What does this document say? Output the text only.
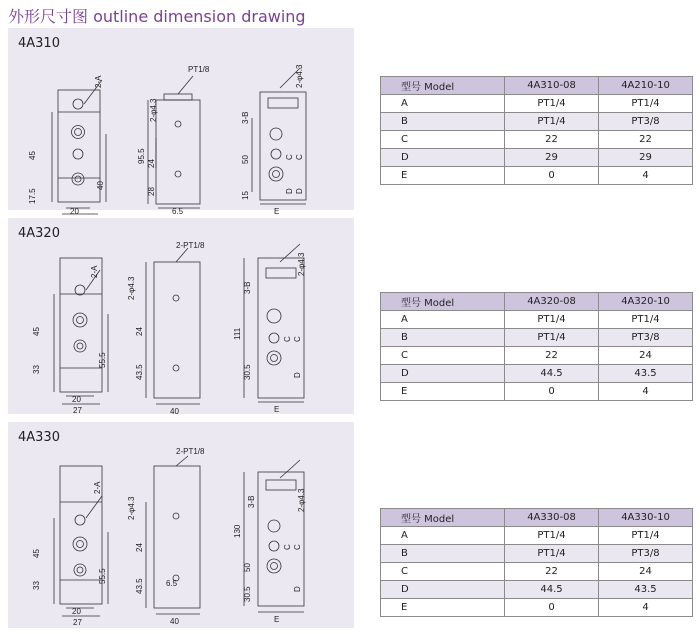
外形尺寸图 outline dimension drawing
4A310
45
17.5
40
20
2-A
PT1/8
2-φ4.3
95.5 24
28
6.5
2-φ4.3
3-B
50
15
C C
D D
E
型号 Model	4A310-08	4A210-10
A	PT1/4	PT1/4
B	PT1/4	PT3/8
C	22	22
D	29	29
E	0	4
4A320
2-A
45
33
55.5
20
27
2-PT1/8
2-φ4.3
24
43.5
40
2-φ4.3
3-B
111
30.5
C C
D
E
型号 Model	4A320-08	4A320-10
A	PT1/4	PT1/4
B	PT1/4	PT3/8
C	22	24
D	44.5	43.5
E	0	4
4A330
2-A
45
33
55.5
20
27
2-PT1/8
2-φ4.3
24
43.5	6.5
40
2-φ4.3
3-B
130
50
30.5
C C
D
E
型号 Model	4A330-08	4A330-10
A	PT1/4	PT1/4
B	PT1/4	PT3/8
C	22	24
D	44.5	43.5
E	0	4
